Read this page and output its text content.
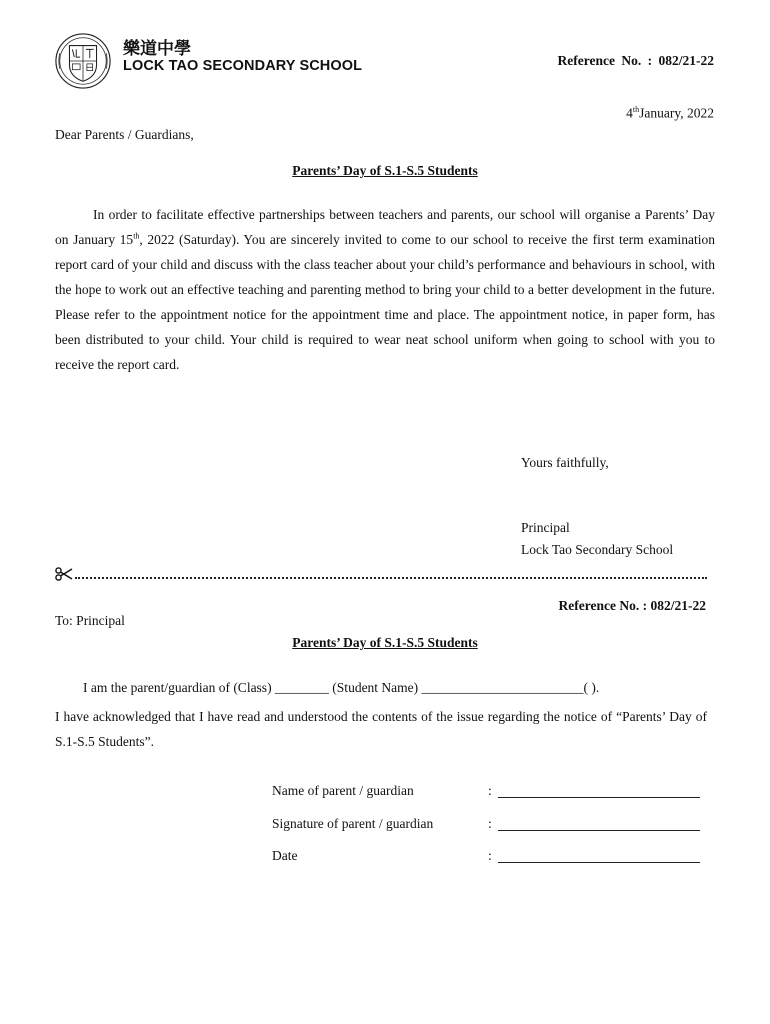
樂道中學
LOCK TAO SECONDARY SCHOOL	Reference No. : 082/21-22
4thJanuary, 2022
Dear Parents / Guardians,
Parents’ Day of S.1-S.5 Students
In order to facilitate effective partnerships between teachers and parents, our school will organise a Parents’ Day on January 15th, 2022 (Saturday). You are sincerely invited to come to our school to receive the first term examination report card of your child and discuss with the class teacher about your child’s performance and behaviours in school, with the hope to work out an effective teaching and parenting method to bring your child to a better development in the future. Please refer to the appointment notice for the appointment time and place. The appointment notice, in paper form, has been distributed to your child. Your child is required to wear neat school uniform when going to school with you to receive the report card.
Yours faithfully,
Principal
Lock Tao Secondary School
Reference No. : 082/21-22
To: Principal
Parents’ Day of S.1-S.5 Students
I am the parent/guardian of (Class) ________ (Student Name) ________________________( ).
I have acknowledged that I have read and understood the contents of the issue regarding the notice of “Parents’ Day of S.1-S.5 Students”.
Name of parent / guardian	:
Signature of parent / guardian	:
Date	:
